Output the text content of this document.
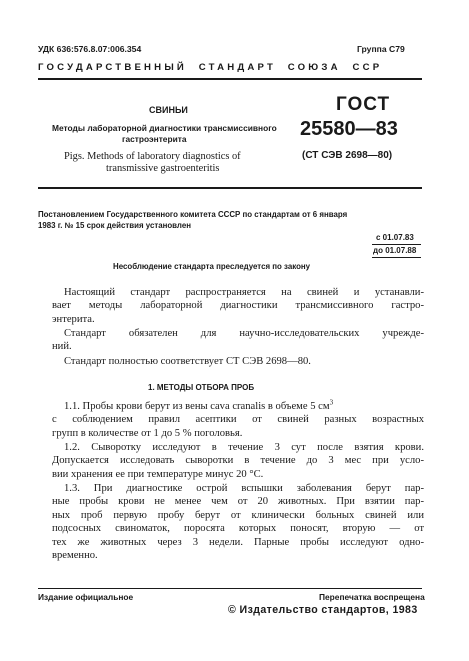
УДК 636:576.8.07:006.354	Группа С79
ГОСУДАРСТВЕННЫЙ  СТАНДАРТ  СОЮЗА  ССР
СВИНЬИ
Методы лабораторной диагностики трансмиссивного
гастроэнтерита
Pigs. Methods of laboratory diagnostics of
transmissive gastroenteritis
ГОСТ
25580—83
(СТ СЭВ 2698—80)
Постановлением Государственного комитета СССР по стандартам от 6 января
1983 г. № 15 срок действия установлен
с 01.07.83
до 01.07.88
Несоблюдение стандарта преследуется по закону
Настоящий стандарт распространяется на свиней и устанавли-
вает методы лабораторной диагностики трансмиссивного гастро-
энтерита.
Стандарт обязателен для научно-исследовательских учрежде-
ний.
Стандарт полностью соответствует СТ СЭВ 2698—80.
1. МЕТОДЫ ОТБОРА ПРОБ
1.1. Пробы крови берут из вены cava cranalis в объеме 5 $см^3$
с соблюдением правил асептики от свиней разных возрастных
групп в количестве от 1 до 5 % поголовья.
1.2. Сыворотку исследуют в течение 3 сут после взятия крови.
Допускается исследовать сыворотки в течение до 3 мес при усло-
вии хранения ее при температуре минус 20 °С.
1.3. При диагностике острой вспышки заболевания берут пар-
ные пробы крови не менее чем от 20 животных. При взятии пар-
ных проб первую пробу берут от клинически больных свиней или
подсосных свиноматок, поросята которых поносят, вторую — от
тех же животных через 3 недели. Парные пробы исследуют одно-
временно.
Издание официальное	Перепечатка воспрещена
© Издательство стандартов, 1983
